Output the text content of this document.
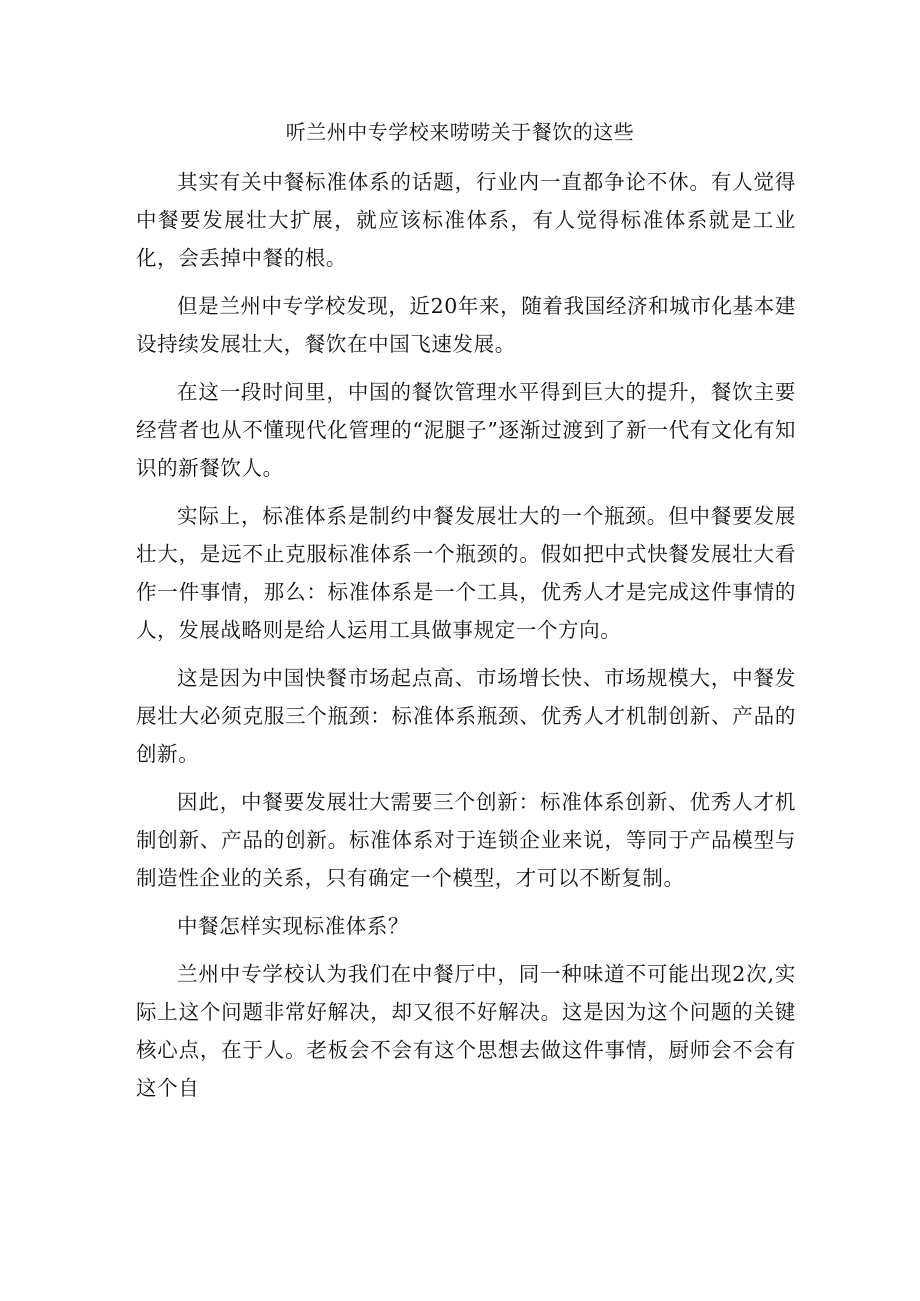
听兰州中专学校来唠唠关于餐饮的这些

其实有关中餐标准体系的话题，行业内一直都争论不休。有人觉得中餐要发展壮大扩展，就应该标准体系，有人觉得标准体系就是工业化，会丢掉中餐的根。

但是兰州中专学校发现，近20年来，随着我国经济和城市化基本建设持续发展壮大，餐饮在中国飞速发展。

在这一段时间里，中国的餐饮管理水平得到巨大的提升，餐饮主要经营者也从不懂现代化管理的“泥腿子”逐渐过渡到了新一代有文化有知识的新餐饮人。

实际上，标准体系是制约中餐发展壮大的一个瓶颈。但中餐要发展壮大，是远不止克服标准体系一个瓶颈的。假如把中式快餐发展壮大看作一件事情，那么：标准体系是一个工具，优秀人才是完成这件事情的人，发展战略则是给人运用工具做事规定一个方向。

这是因为中国快餐市场起点高、市场增长快、市场规模大，中餐发展壮大必须克服三个瓶颈：标准体系瓶颈、优秀人才机制创新、产品的创新。

因此，中餐要发展壮大需要三个创新：标准体系创新、优秀人才机制创新、产品的创新。标准体系对于连锁企业来说，等同于产品模型与制造性企业的关系，只有确定一个模型，才可以不断复制。

中餐怎样实现标准体系？

兰州中专学校认为我们在中餐厅中，同一种味道不可能出现2次,实际上这个问题非常好解决，却又很不好解决。这是因为这个问题的关键核心点，在于人。老板会不会有这个思想去做这件事情，厨师会不会有这个自
